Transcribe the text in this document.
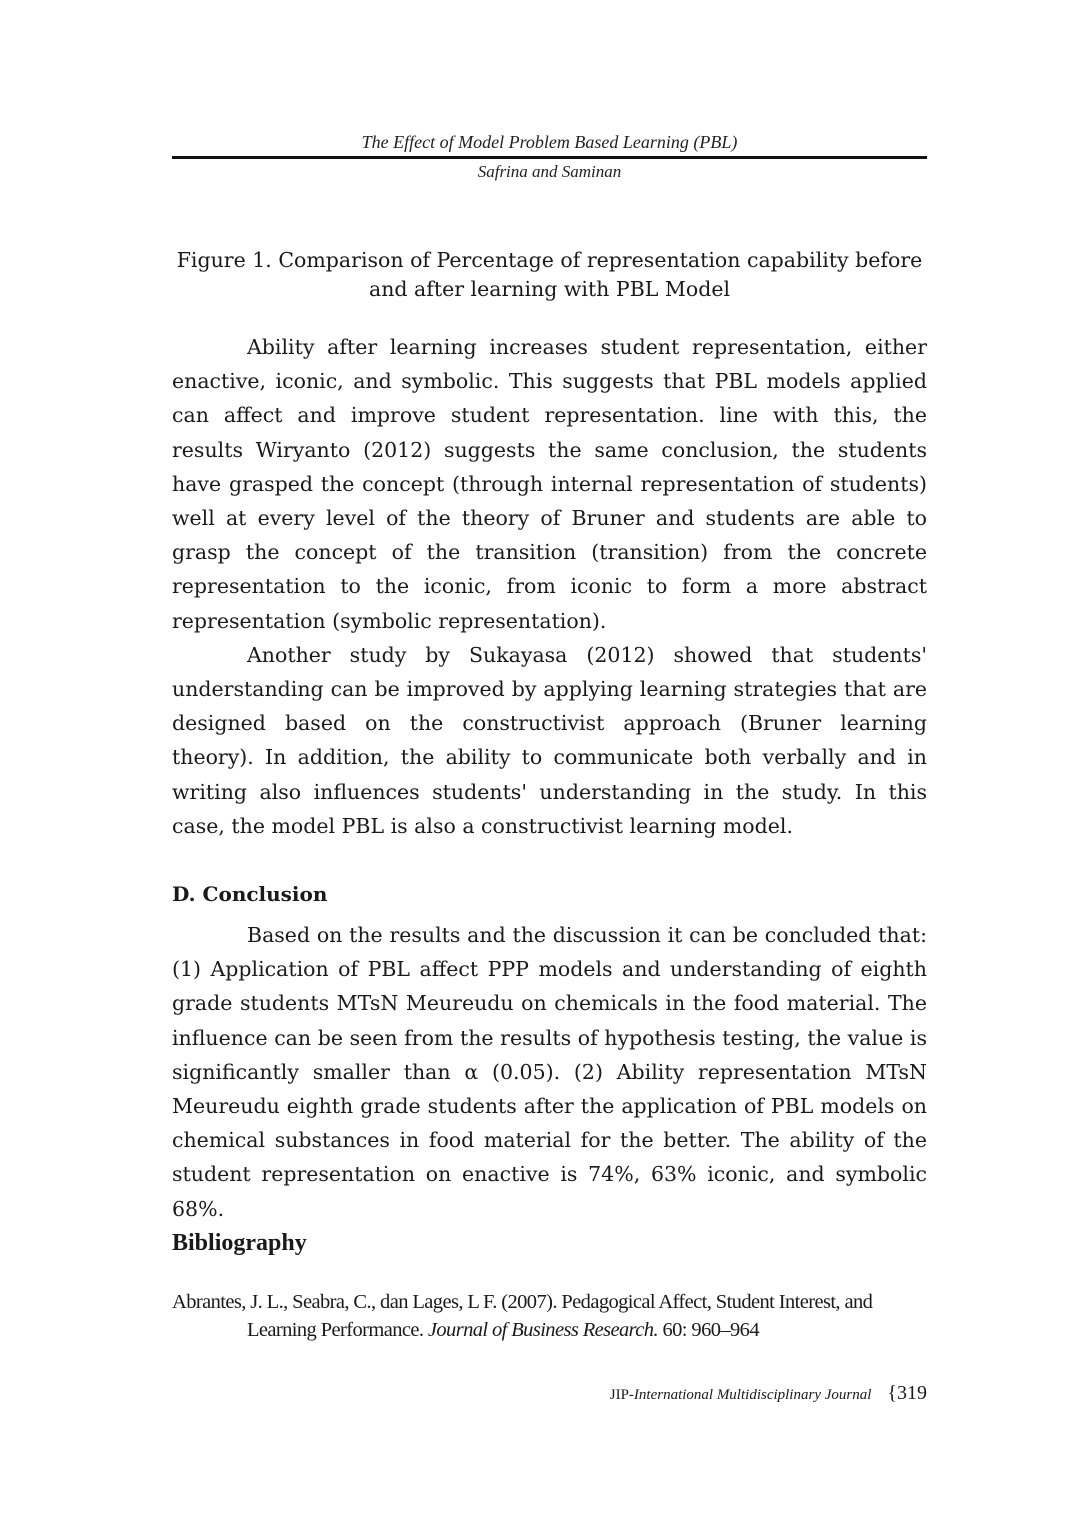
The Effect of Model Problem Based Learning (PBL)
Safrina and Saminan
Figure 1. Comparison of Percentage of representation capability before
and after learning with PBL Model

Ability after learning increases student representation, either enactive, iconic, and symbolic. This suggests that PBL models applied can affect and improve student representation. line with this, the results Wiryanto (2012) suggests the same conclusion, the students have grasped the concept (through internal representation of students) well at every level of the theory of Bruner and students are able to grasp the concept of the transition (transition) from the concrete representation to the iconic, from iconic to form a more abstract representation (symbolic representation).

Another study by Sukayasa (2012) showed that students' understanding can be improved by applying learning strategies that are designed based on the constructivist approach (Bruner learning theory). In addition, the ability to communicate both verbally and in writing also influences students' understanding in the study. In this case, the model PBL is also a constructivist learning model.

D. Conclusion

Based on the results and the discussion it can be concluded that: (1) Application of PBL affect PPP models and understanding of eighth grade students MTsN Meureudu on chemicals in the food material. The influence can be seen from the results of hypothesis testing, the value is significantly smaller than α (0.05). (2) Ability representation MTsN Meureudu eighth grade students after the application of PBL models on chemical substances in food material for the better. The ability of the student representation on enactive is 74%, 63% iconic, and symbolic 68%.

Bibliography
Abrantes, J. L., Seabra, C., dan Lages, L F. (2007). Pedagogical Affect, Student Interest, and Learning Performance. Journal of Business Research. 60: 960–964
JIP-International Multidisciplinary Journal {319
